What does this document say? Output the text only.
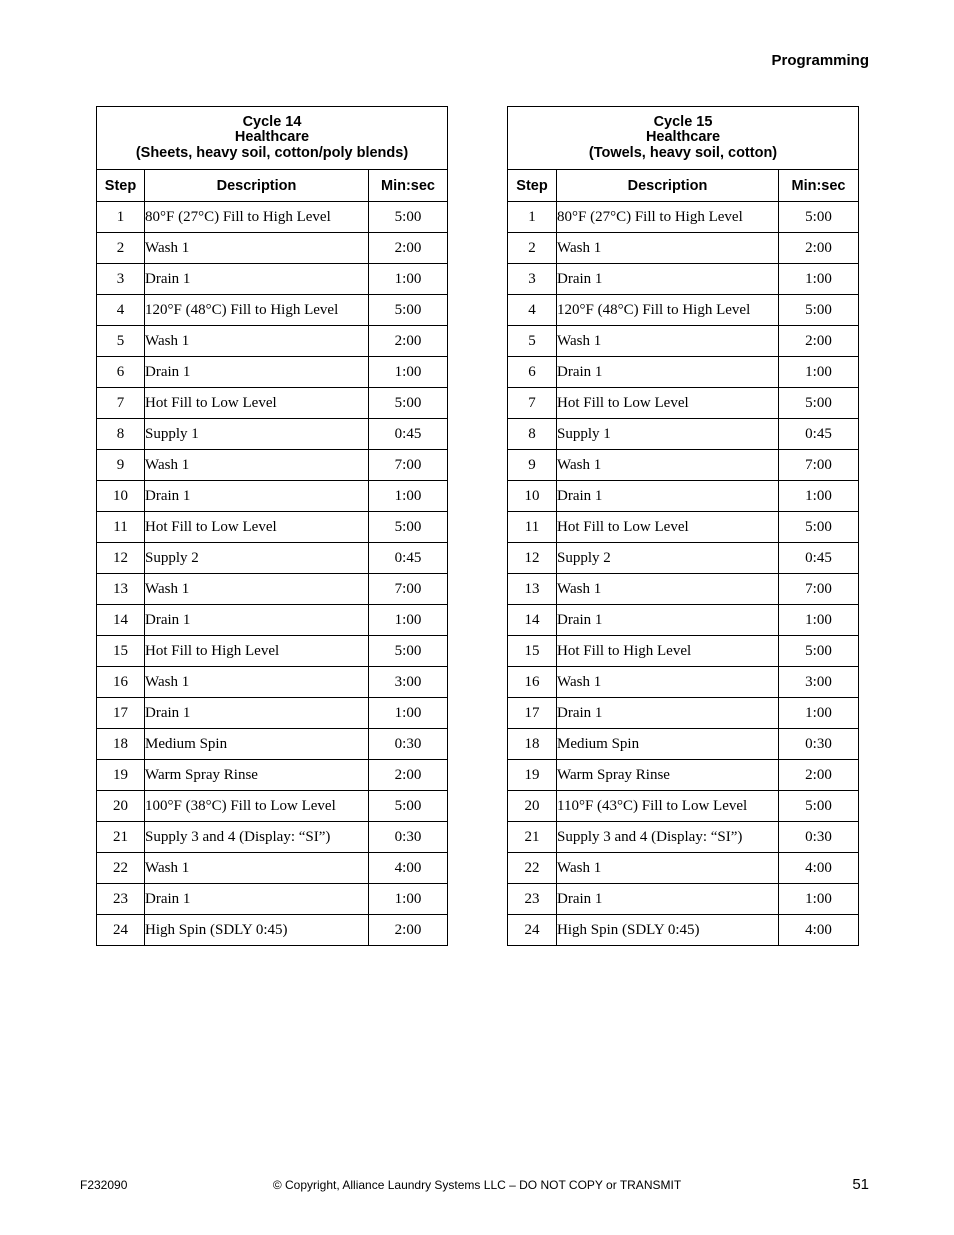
Programming
Cycle 14
Healthcare
(Sheets, heavy soil, cotton/poly blends)		

Step	Description	Min:sec
1	80°F (27°C) Fill to High Level	5:00
2	Wash 1	2:00
3	Drain 1	1:00
4	120°F (48°C) Fill to High Level	5:00
5	Wash 1	2:00
6	Drain 1	1:00
7	Hot Fill to Low Level	5:00
8	Supply 1	0:45
9	Wash 1	7:00
10	Drain 1	1:00
11	Hot Fill to Low Level	5:00
12	Supply 2	0:45
13	Wash 1	7:00
14	Drain 1	1:00
15	Hot Fill to High Level	5:00
16	Wash 1	3:00
17	Drain 1	1:00
18	Medium Spin	0:30
19	Warm Spray Rinse	2:00
20	100°F (38°C) Fill to Low Level	5:00
21	Supply 3 and 4 (Display: “SI”)	0:30
22	Wash 1	4:00
23	Drain 1	1:00
24	High Spin (SDLY 0:45)	2:00
Cycle 15
Healthcare
(Towels, heavy soil, cotton)		

Step	Description	Min:sec
1	80°F (27°C) Fill to High Level	5:00
2	Wash 1	2:00
3	Drain 1	1:00
4	120°F (48°C) Fill to High Level	5:00
5	Wash 1	2:00
6	Drain 1	1:00
7	Hot Fill to Low Level	5:00
8	Supply 1	0:45
9	Wash 1	7:00
10	Drain 1	1:00
11	Hot Fill to Low Level	5:00
12	Supply 2	0:45
13	Wash 1	7:00
14	Drain 1	1:00
15	Hot Fill to High Level	5:00
16	Wash 1	3:00
17	Drain 1	1:00
18	Medium Spin	0:30
19	Warm Spray Rinse	2:00
20	110°F (43°C) Fill to Low Level	5:00
21	Supply 3 and 4 (Display: “SI”)	0:30
22	Wash 1	4:00
23	Drain 1	1:00
24	High Spin (SDLY 0:45)	4:00
F232090	© Copyright, Alliance Laundry Systems LLC – DO NOT COPY or TRANSMIT	51
